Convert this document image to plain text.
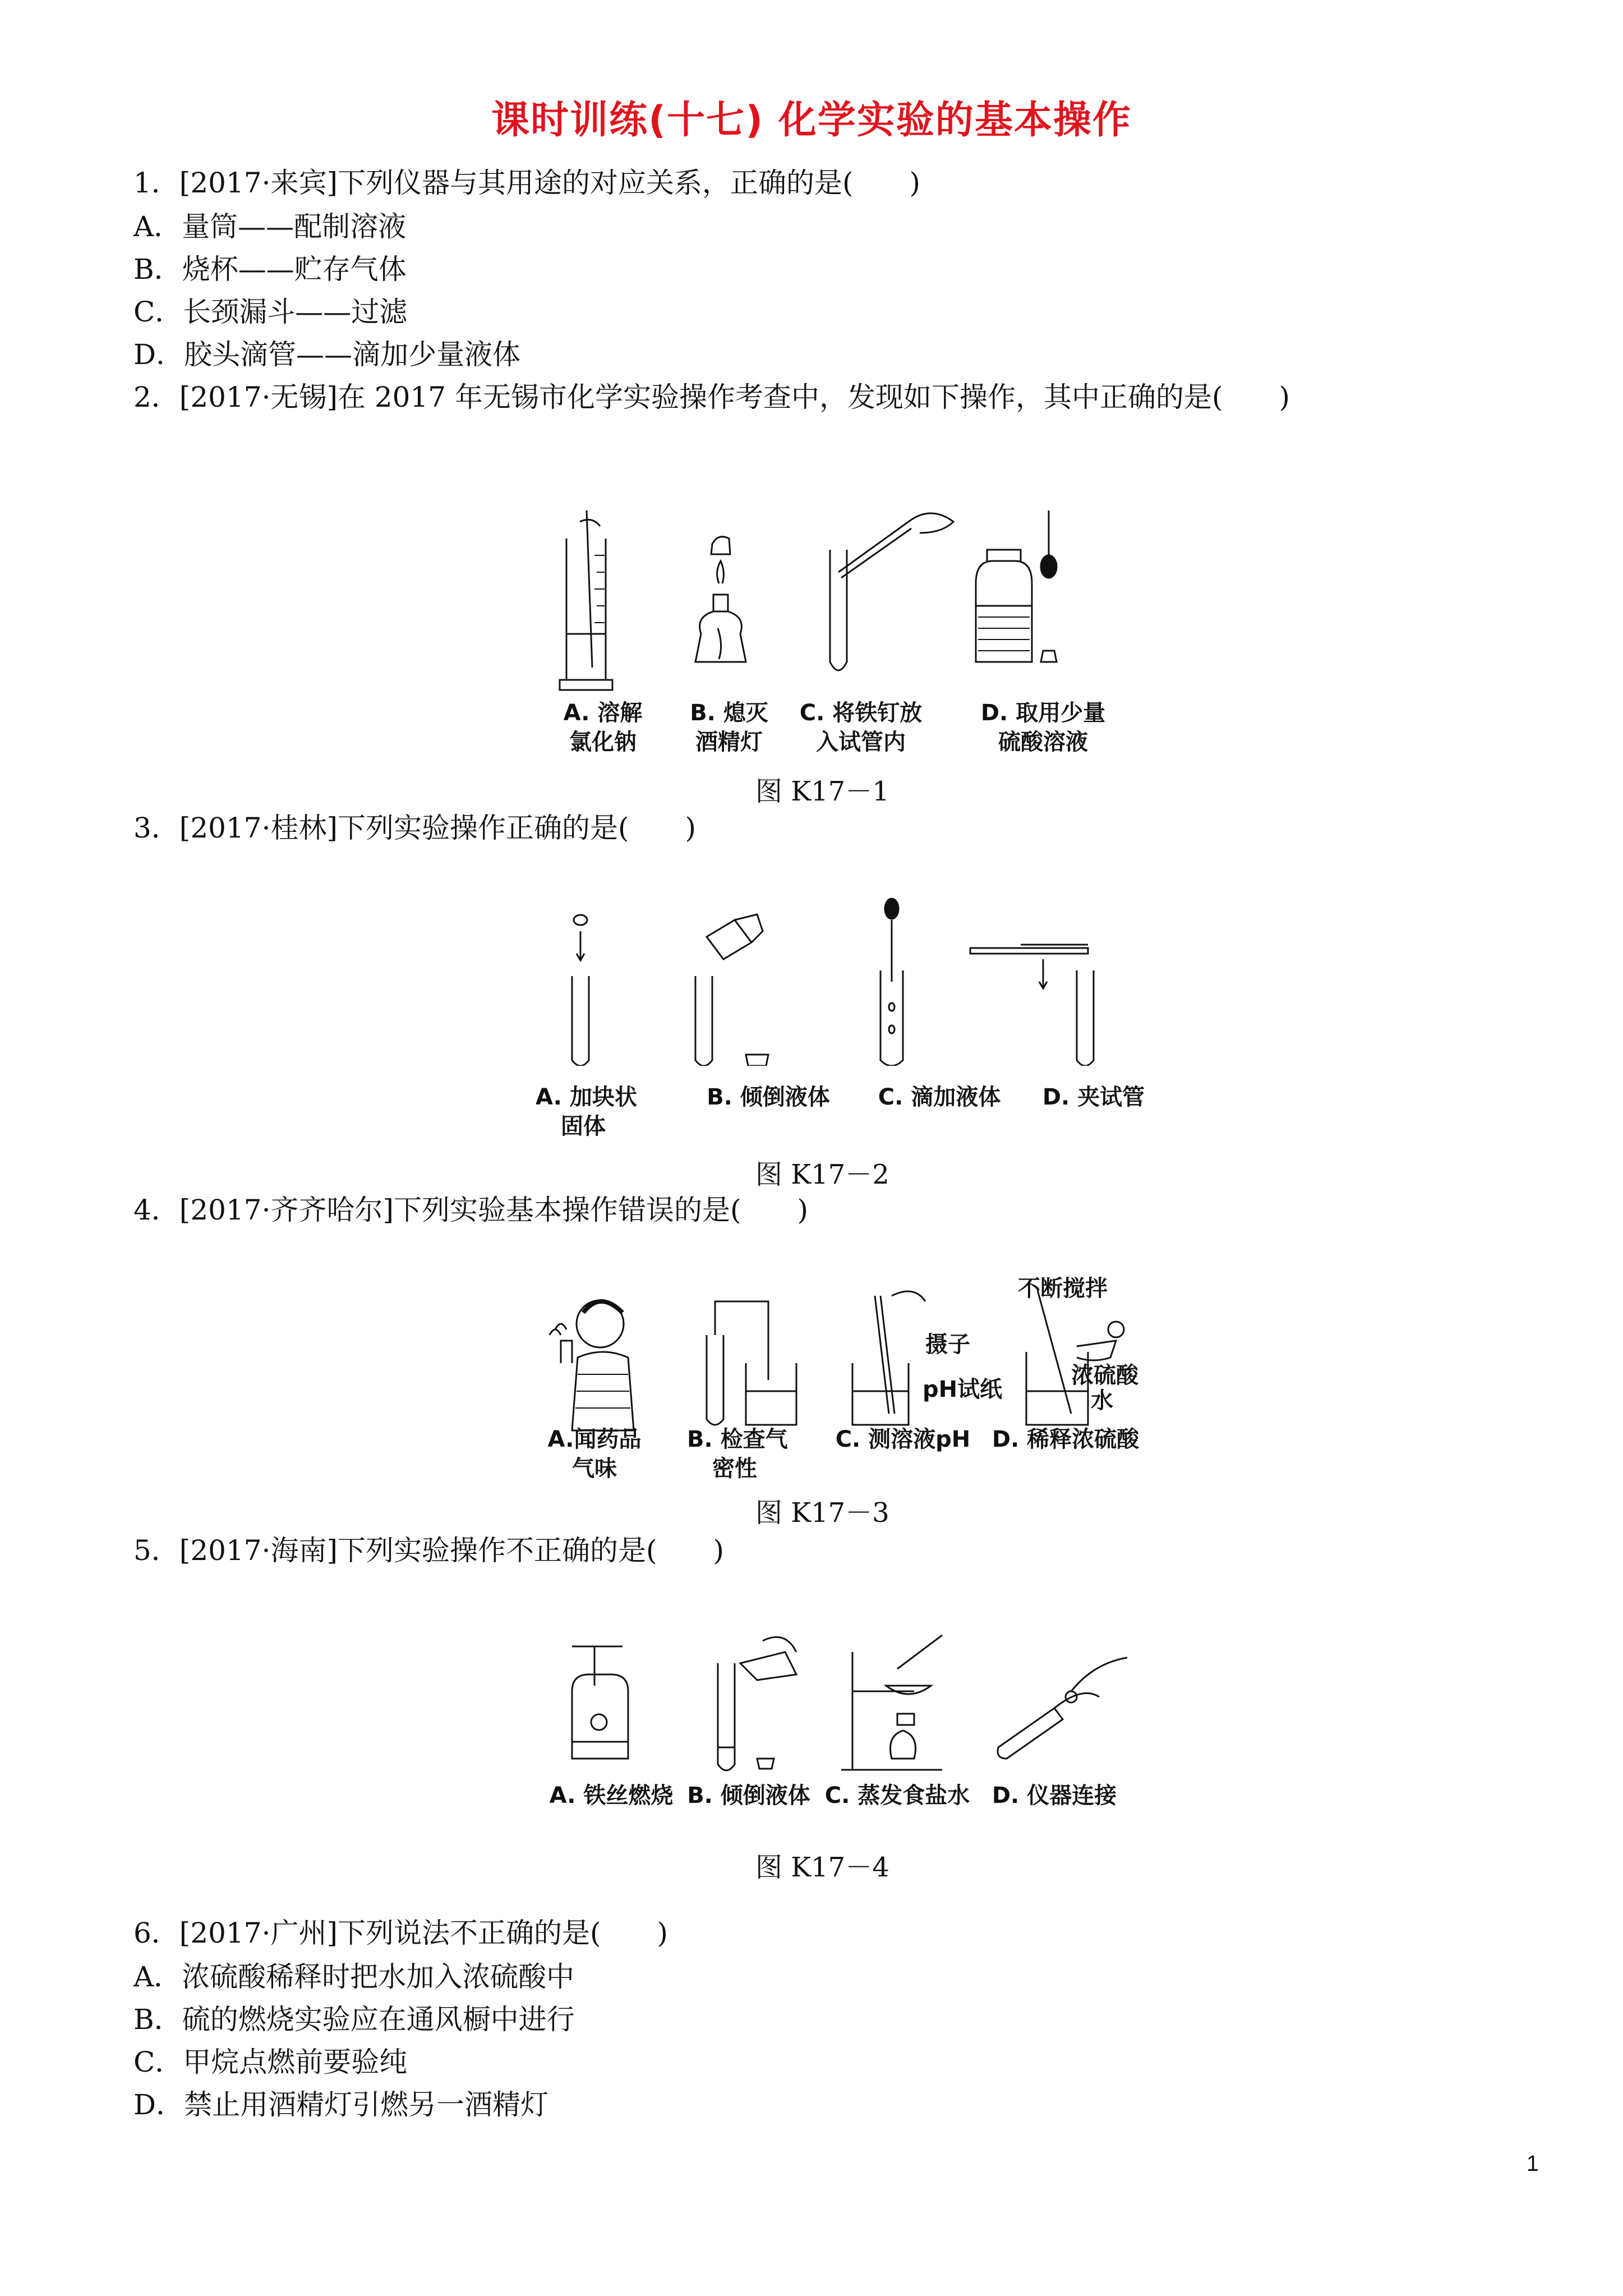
课时训练(十七) 化学实验的基本操作
1．[2017·来宾]下列仪器与其用途的对应关系，正确的是(　　)
A．量筒——配制溶液
B．烧杯——贮存气体
C．长颈漏斗——过滤
D．胶头滴管——滴加少量液体
2．[2017·无锡]在 2017 年无锡市化学实验操作考查中，发现如下操作，其中正确的是(　　)
A. 溶解
氯化钠
B. 熄灭
酒精灯
C. 将铁钉放
入试管内
D. 取用少量
硫酸溶液
图 K17－1
3．[2017·桂林]下列实验操作正确的是(　　)
A. 加块状
固体
B. 倾倒液体	C. 滴加液体	D. 夹试管
图 K17－2
4．[2017·齐齐哈尔]下列实验基本操作错误的是(　　)
不断搅拌
摄子
pH试纸
浓硫酸
水
A.闻药品
气味
B. 检查气
密性
C. 测溶液pH D. 稀释浓硫酸
图 K17－3
5．[2017·海南]下列实验操作不正确的是(　　)
A. 铁丝燃烧 B. 倾倒液体 C. 蒸发食盐水 D. 仪器连接
图 K17－4
6．[2017·广州]下列说法不正确的是(　　)
A．浓硫酸稀释时把水加入浓硫酸中
B．硫的燃烧实验应在通风橱中进行
C．甲烷点燃前要验纯
D．禁止用酒精灯引燃另一酒精灯
1
